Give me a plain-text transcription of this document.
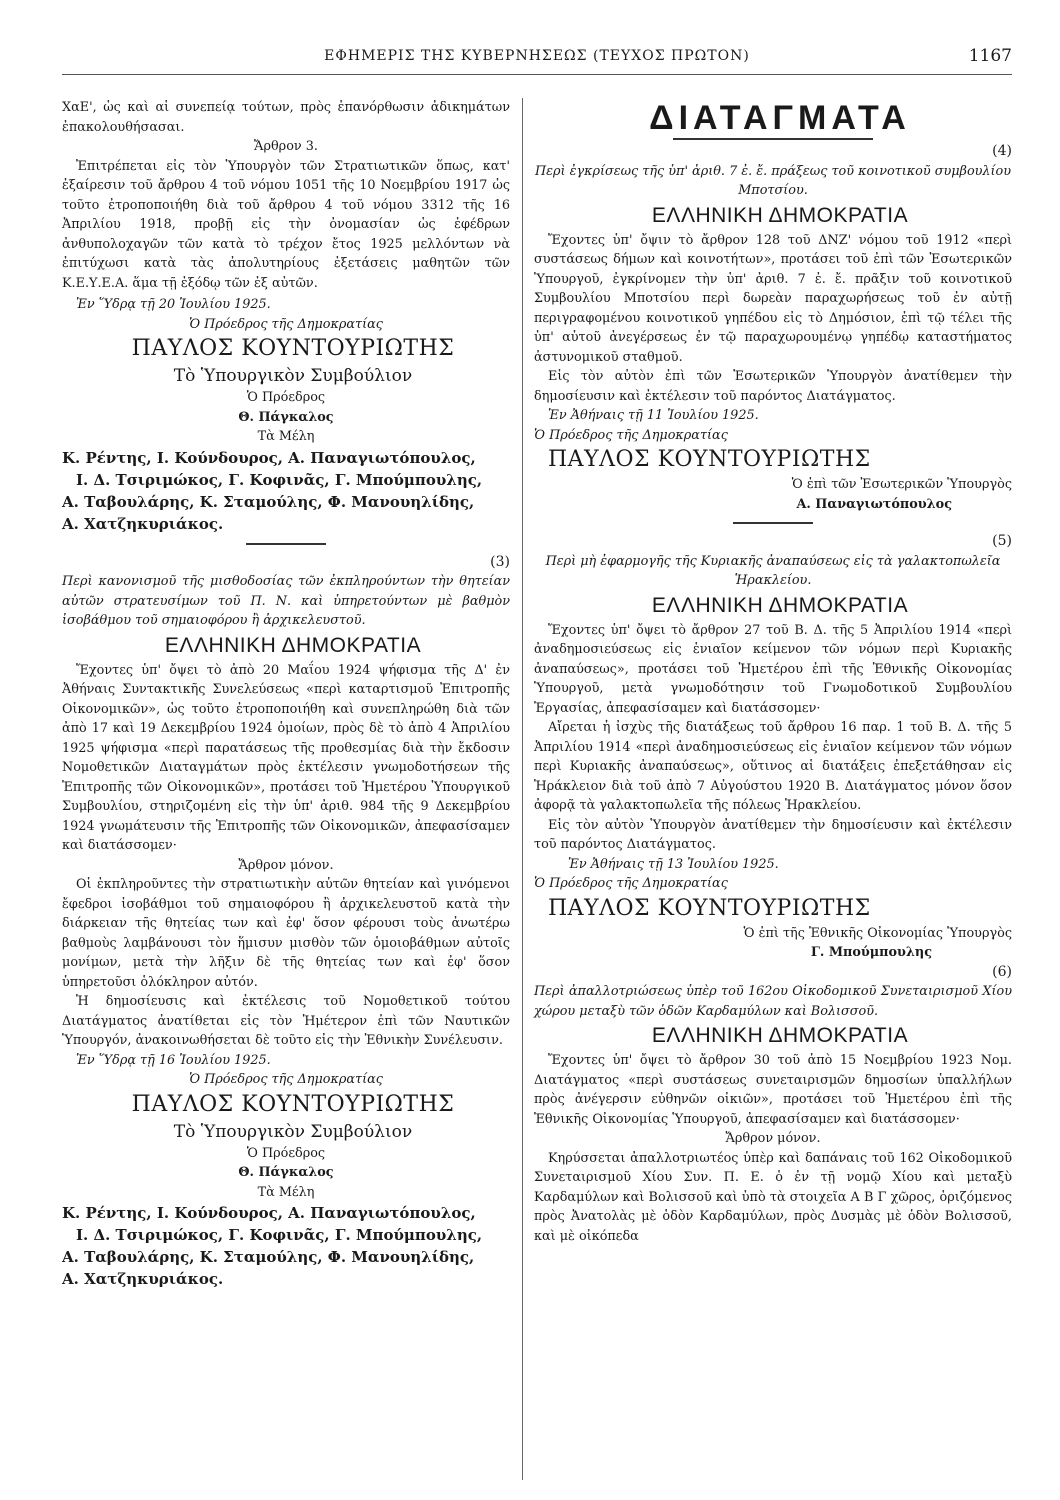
ΕΦΗΜΕΡΙΣ ΤΗΣ ΚΥΒΕΡΝΗΣΕΩΣ (ΤΕΥΧΟΣ ΠΡΩΤΟΝ)	1167

ΧαΕ', ὡς καὶ αἱ συνεπείᾳ τούτων, πρὸς ἐπανόρθωσιν ἀδικημάτων ἐπακολουθήσασαι.

Ἄρθρον 3.

Ἐπιτρέπεται εἰς τὸν Ὑπουργὸν τῶν Στρατιωτικῶν ὅπως, κατ' ἐξαίρεσιν τοῦ ἄρθρου 4 τοῦ νόμου 1051 τῆς 10 Νοεμβρίου 1917 ὡς τοῦτο ἐτροποποιήθη διὰ τοῦ ἄρθρου 4 τοῦ νόμου 3312 τῆς 16 Ἀπριλίου 1918, προβῇ εἰς τὴν ὀνομασίαν ὡς ἐφέδρων ἀνθυπολοχαγῶν τῶν κατὰ τὸ τρέχον ἔτος 1925 μελλόντων νὰ ἐπιτύχωσι κατὰ τὰς ἀπολυτηρίους ἐξετάσεις μαθητῶν τῶν Κ.Ε.Υ.Ε.Α. ἅμα τῇ ἐξόδῳ τῶν ἐξ αὐτῶν.

Ἐν Ὕδρᾳ τῇ 20 Ἰουλίου 1925.

Ὁ Πρόεδρος τῆς Δημοκρατίας

ΠΑΥΛΟΣ ΚΟΥΝΤΟΥΡΙΩΤΗΣ

Τὸ Ὑπουργικὸν Συμβούλιον

Ὁ Πρόεδρος

Θ. Πάγκαλος

Τὰ Μέλη

Κ. Ρέντης, Ι. Κούνδουρος, Α. Παναγιωτόπουλος,

Ι. Δ. Τσιριμώκος, Γ. Κοφινᾶς, Γ. Μπούμπουλης,

Α. Ταβουλάρης, Κ. Σταμούλης, Φ. Μανουηλίδης,

Α. Χατζηκυριάκος.

(3)

Περὶ κανονισμοῦ τῆς μισθοδοσίας τῶν ἐκπληρούντων τὴν θητείαν αὐτῶν στρατευσίμων τοῦ Π. Ν. καὶ ὑπηρετούντων μὲ βαθμὸν ἰσοβάθμου τοῦ σημαιοφόρου ἢ ἀρχικελευστοῦ.

ΕΛΛΗΝΙΚΗ ΔΗΜΟΚΡΑΤΙΑ

Ἔχοντες ὑπ' ὄψει τὸ ἀπὸ 20 Μαΐου 1924 ψήφισμα τῆς Δ' ἐν Ἀθήναις Συντακτικῆς Συνελεύσεως «περὶ καταρτισμοῦ Ἐπιτροπῆς Οἰκονομικῶν», ὡς τοῦτο ἐτροποποιήθη καὶ συνεπληρώθη διὰ τῶν ἀπὸ 17 καὶ 19 Δεκεμβρίου 1924 ὁμοίων, πρὸς δὲ τὸ ἀπὸ 4 Ἀπριλίου 1925 ψήφισμα «περὶ παρατάσεως τῆς προθεσμίας διὰ τὴν ἔκδοσιν Νομοθετικῶν Διαταγμάτων πρὸς ἐκτέλεσιν γνωμοδοτήσεων τῆς Ἐπιτροπῆς τῶν Οἰκονομικῶν», προτάσει τοῦ Ἡμετέρου Ὑπουργικοῦ Συμβουλίου, στηριζομένη εἰς τὴν ὑπ' ἀριθ. 984 τῆς 9 Δεκεμβρίου 1924 γνωμάτευσιν τῆς Ἐπιτροπῆς τῶν Οἰκονομικῶν, ἀπεφασίσαμεν καὶ διατάσσομεν·

Ἄρθρον μόνον.

Οἱ ἐκπληροῦντες τὴν στρατιωτικὴν αὐτῶν θητείαν καὶ γινόμενοι ἔφεδροι ἰσοβάθμοι τοῦ σημαιοφόρου ἢ ἀρχικελευστοῦ κατὰ τὴν διάρκειαν τῆς θητείας των καὶ ἐφ' ὅσον φέρουσι τοὺς ἀνωτέρω βαθμοὺς λαμβάνουσι τὸν ἥμισυν μισθὸν τῶν ὁμοιοβάθμων αὐτοῖς μονίμων, μετὰ τὴν λῆξιν δὲ τῆς θητείας των καὶ ἐφ' ὅσον ὑπηρετοῦσι ὁλόκληρον αὐτόν.

Ἡ δημοσίευσις καὶ ἐκτέλεσις τοῦ Νομοθετικοῦ τούτου Διατάγματος ἀνατίθεται εἰς τὸν Ἡμέτερον ἐπὶ τῶν Ναυτικῶν Ὑπουργόν, ἀνακοινωθήσεται δὲ τοῦτο εἰς τὴν Ἐθνικὴν Συνέλευσιν.

Ἐν Ὕδρᾳ τῇ 16 Ἰουλίου 1925.

Ὁ Πρόεδρος τῆς Δημοκρατίας

ΠΑΥΛΟΣ ΚΟΥΝΤΟΥΡΙΩΤΗΣ

Τὸ Ὑπουργικὸν Συμβούλιον

Ὁ Πρόεδρος

Θ. Πάγκαλος

Τὰ Μέλη

Κ. Ρέντης, Ι. Κούνδουρος, Α. Παναγιωτόπουλος,

Ι. Δ. Τσιριμώκος, Γ. Κοφινᾶς, Γ. Μπούμπουλης,

Α. Ταβουλάρης, Κ. Σταμούλης, Φ. Μανουηλίδης,

Α. Χατζηκυριάκος.

ΔΙΑΤΑΓΜΑΤΑ

(4)

Περὶ ἐγκρίσεως τῆς ὑπ' ἀριθ. 7 ἐ. ἔ. πράξεως τοῦ κοινοτικοῦ συμβουλίου Μποτσίου.

ΕΛΛΗΝΙΚΗ ΔΗΜΟΚΡΑΤΙΑ

Ἔχοντες ὑπ' ὄψιν τὸ ἄρθρον 128 τοῦ ΔΝΖ' νόμου τοῦ 1912 «περὶ συστάσεως δήμων καὶ κοινοτήτων», προτάσει τοῦ ἐπὶ τῶν Ἐσωτερικῶν Ὑπουργοῦ, ἐγκρίνομεν τὴν ὑπ' ἀριθ. 7 ἐ. ἔ. πρᾶξιν τοῦ κοινοτικοῦ Συμβουλίου Μποτσίου περὶ δωρεὰν παραχωρήσεως τοῦ ἐν αὐτῇ περιγραφομένου κοινοτικοῦ γηπέδου εἰς τὸ Δημόσιον, ἐπὶ τῷ τέλει τῆς ὑπ' αὐτοῦ ἀνεγέρσεως ἐν τῷ παραχωρουμένῳ γηπέδῳ καταστήματος ἀστυνομικοῦ σταθμοῦ.

Εἰς τὸν αὐτὸν ἐπὶ τῶν Ἐσωτερικῶν Ὑπουργὸν ἀνατίθεμεν τὴν δημοσίευσιν καὶ ἐκτέλεσιν τοῦ παρόντος Διατάγματος.

Ἐν Ἀθήναις τῇ 11 Ἰουλίου 1925.

Ὁ Πρόεδρος τῆς Δημοκρατίας

ΠΑΥΛΟΣ ΚΟΥΝΤΟΥΡΙΩΤΗΣ

Ὁ ἐπὶ τῶν Ἐσωτερικῶν Ὑπουργὸς

Α. Παναγιωτόπουλος

(5)

Περὶ μὴ ἐφαρμογῆς τῆς Κυριακῆς ἀναπαύσεως εἰς τὰ γαλακτοπωλεῖα Ἡρακλείου.

ΕΛΛΗΝΙΚΗ ΔΗΜΟΚΡΑΤΙΑ

Ἔχοντες ὑπ' ὄψει τὸ ἄρθρον 27 τοῦ Β. Δ. τῆς 5 Ἀπριλίου 1914 «περὶ ἀναδημοσιεύσεως εἰς ἑνιαῖον κείμενον τῶν νόμων περὶ Κυριακῆς ἀναπαύσεως», προτάσει τοῦ Ἡμετέρου ἐπὶ τῆς Ἐθνικῆς Οἰκονομίας Ὑπουργοῦ, μετὰ γνωμοδότησιν τοῦ Γνωμοδοτικοῦ Συμβουλίου Ἐργασίας, ἀπεφασίσαμεν καὶ διατάσσομεν·

Αἴρεται ἡ ἰσχὺς τῆς διατάξεως τοῦ ἄρθρου 16 παρ. 1 τοῦ Β. Δ. τῆς 5 Ἀπριλίου 1914 «περὶ ἀναδημοσιεύσεως εἰς ἑνιαῖον κείμενον τῶν νόμων περὶ Κυριακῆς ἀναπαύσεως», οὕτινος αἱ διατάξεις ἐπεξετάθησαν εἰς Ἡράκλειον διὰ τοῦ ἀπὸ 7 Αὐγούστου 1920 Β. Διατάγματος μόνον ὅσον ἀφορᾷ τὰ γαλακτοπωλεῖα τῆς πόλεως Ἡρακλείου.

Εἰς τὸν αὐτὸν Ὑπουργὸν ἀνατίθεμεν τὴν δημοσίευσιν καὶ ἐκτέλεσιν τοῦ παρόντος Διατάγματος.

Ἐν Ἀθήναις τῇ 13 Ἰουλίου 1925.

Ὁ Πρόεδρος τῆς Δημοκρατίας

ΠΑΥΛΟΣ ΚΟΥΝΤΟΥΡΙΩΤΗΣ

Ὁ ἐπὶ τῆς Ἐθνικῆς Οἰκονομίας Ὑπουργὸς

Γ. Μπούμπουλης

(6)

Περὶ ἀπαλλοτριώσεως ὑπὲρ τοῦ 162ου Οἰκοδομικοῦ Συνεταιρισμοῦ Χίου χώρου μεταξὺ τῶν ὁδῶν Καρδαμύλων καὶ Βολισσοῦ.

ΕΛΛΗΝΙΚΗ ΔΗΜΟΚΡΑΤΙΑ

Ἔχοντες ὑπ' ὄψει τὸ ἄρθρον 30 τοῦ ἀπὸ 15 Νοεμβρίου 1923 Νομ. Διατάγματος «περὶ συστάσεως συνεταιρισμῶν δημοσίων ὑπαλλήλων πρὸς ἀνέγερσιν εὐθηνῶν οἰκιῶν», προτάσει τοῦ Ἡμετέρου ἐπὶ τῆς Ἐθνικῆς Οἰκονομίας Ὑπουργοῦ, ἀπεφασίσαμεν καὶ διατάσσομεν·

Ἄρθρον μόνον.

Κηρύσσεται ἀπαλλοτριωτέος ὑπὲρ καὶ δαπάναις τοῦ 162 Οἰκοδομικοῦ Συνεταιρισμοῦ Χίου Συν. Π. Ε. ὁ ἐν τῇ νομῷ Χίου καὶ μεταξὺ Καρδαμύλων καὶ Βολισσοῦ καὶ ὑπὸ τὰ στοιχεῖα Α Β Γ χῶρος, ὁριζόμενος πρὸς Ἀνατολὰς μὲ ὁδὸν Καρδαμύλων, πρὸς Δυσμὰς μὲ ὁδὸν Βολισσοῦ, καὶ μὲ οἰκόπεδα
